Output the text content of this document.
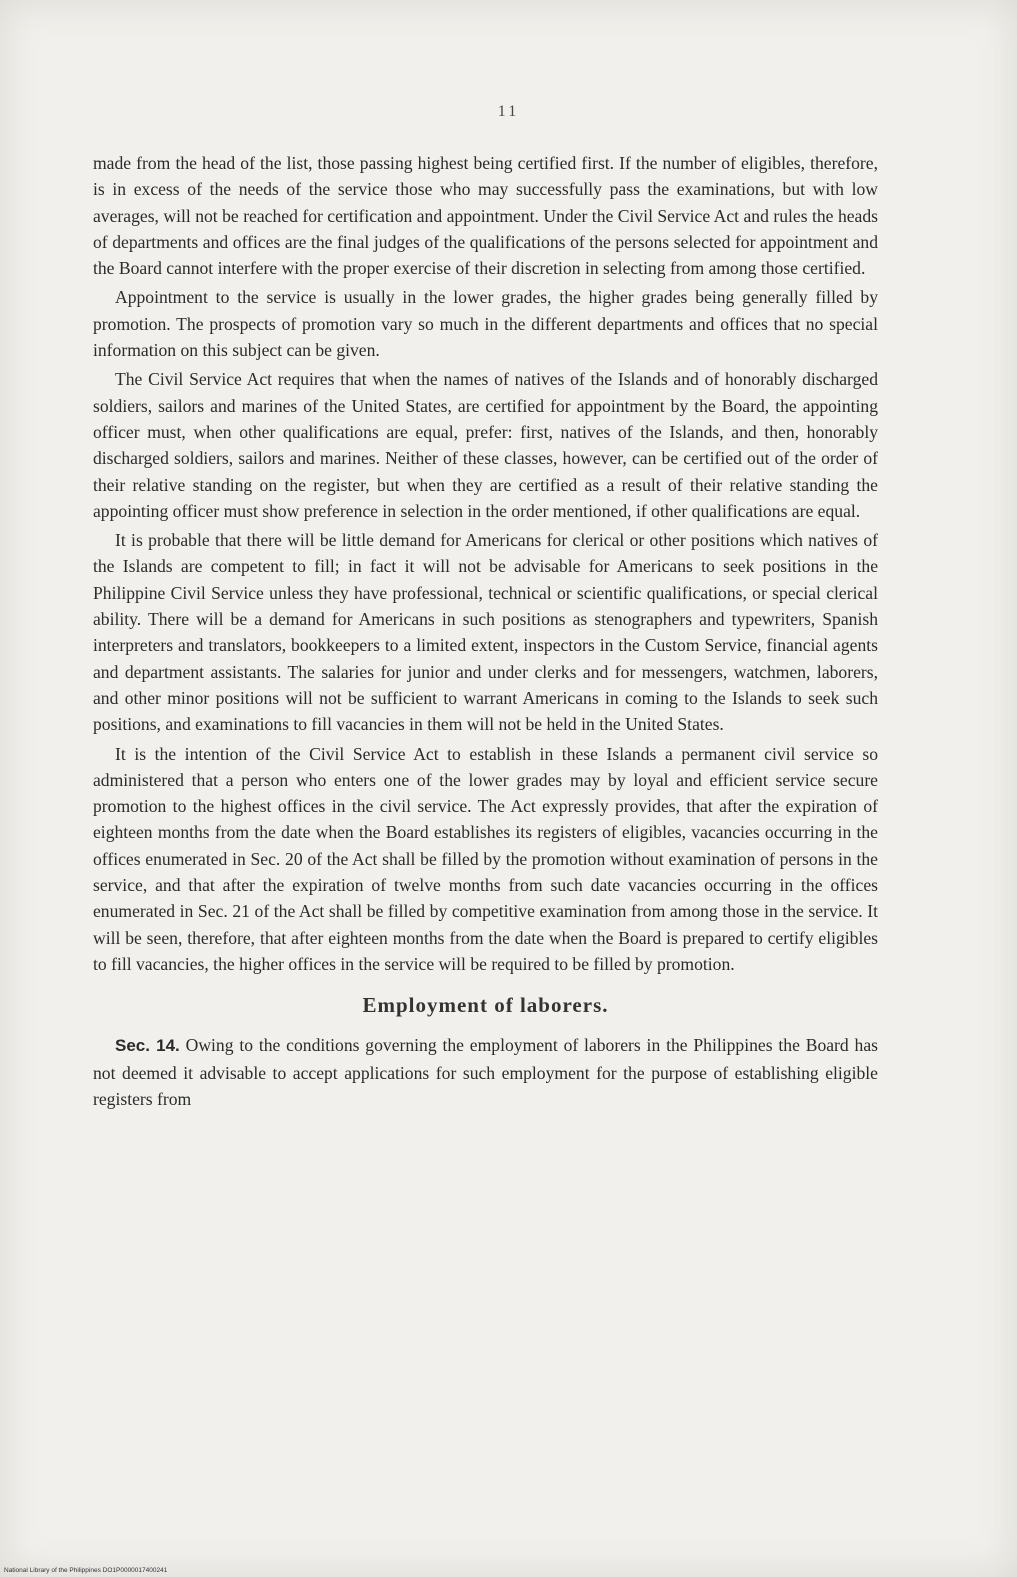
11

made from the head of the list, those passing highest being certified first. If the number of eligibles, therefore, is in excess of the needs of the service those who may successfully pass the examinations, but with low averages, will not be reached for certification and appointment. Under the Civil Service Act and rules the heads of departments and offices are the final judges of the qualifications of the persons selected for appointment and the Board cannot interfere with the proper exercise of their discretion in selecting from among those certified.

Appointment to the service is usually in the lower grades, the higher grades being generally filled by promotion. The prospects of promotion vary so much in the different departments and offices that no special information on this subject can be given.

The Civil Service Act requires that when the names of natives of the Islands and of honorably discharged soldiers, sailors and marines of the United States, are certified for appointment by the Board, the appointing officer must, when other qualifications are equal, prefer: first, natives of the Islands, and then, honorably discharged soldiers, sailors and marines. Neither of these classes, however, can be certified out of the order of their relative standing on the register, but when they are certified as a result of their relative standing the appointing officer must show preference in selection in the order mentioned, if other qualifications are equal.

It is probable that there will be little demand for Americans for clerical or other positions which natives of the Islands are competent to fill; in fact it will not be advisable for Americans to seek positions in the Philippine Civil Service unless they have professional, technical or scientific qualifications, or special clerical ability. There will be a demand for Americans in such positions as stenographers and typewriters, Spanish interpreters and translators, bookkeepers to a limited extent, inspectors in the Custom Service, financial agents and department assistants. The salaries for junior and under clerks and for messengers, watchmen, laborers, and other minor positions will not be sufficient to warrant Americans in coming to the Islands to seek such positions, and examinations to fill vacancies in them will not be held in the United States.

It is the intention of the Civil Service Act to establish in these Islands a permanent civil service so administered that a person who enters one of the lower grades may by loyal and efficient service secure promotion to the highest offices in the civil service. The Act expressly provides, that after the expiration of eighteen months from the date when the Board establishes its registers of eligibles, vacancies occurring in the offices enumerated in Sec. 20 of the Act shall be filled by the promotion without examination of persons in the service, and that after the expiration of twelve months from such date vacancies occurring in the offices enumerated in Sec. 21 of the Act shall be filled by competitive examination from among those in the service. It will be seen, therefore, that after eighteen months from the date when the Board is prepared to certify eligibles to fill vacancies, the higher offices in the service will be required to be filled by promotion.

Employment of laborers.

Sec. 14. Owing to the conditions governing the employment of laborers in the Philippines the Board has not deemed it advisable to accept applications for such employment for the purpose of establishing eligible registers from

National Library of the Philippines DO1P0000017400241
